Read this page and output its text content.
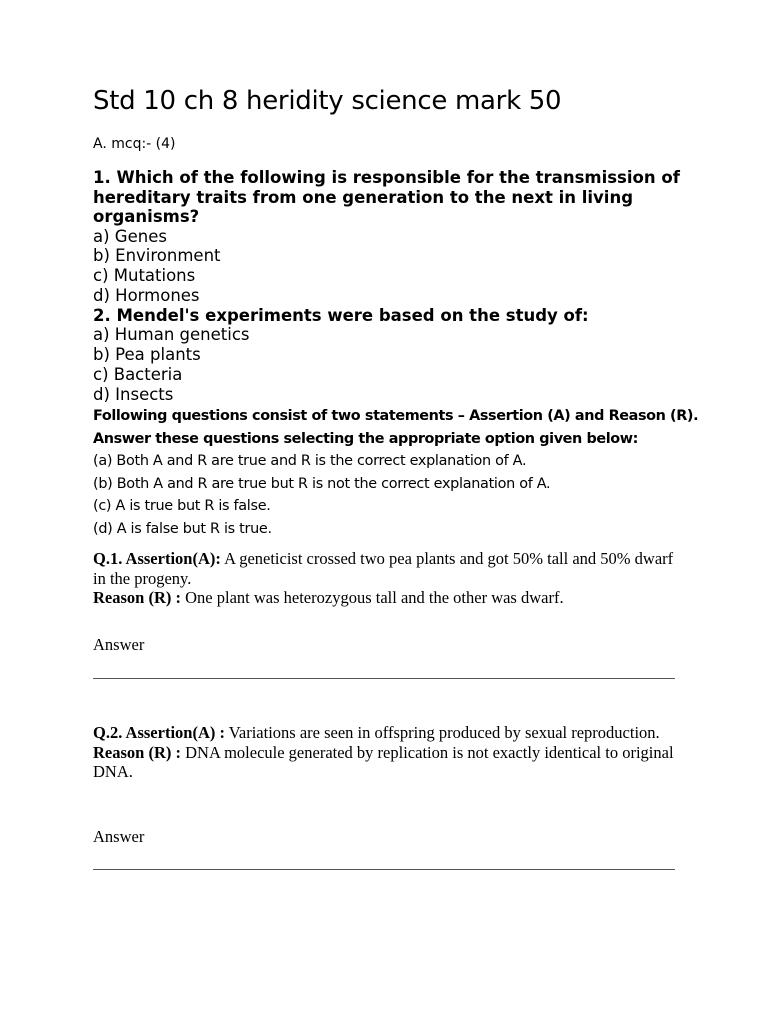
Std 10 ch 8 heridity science mark 50
A. mcq:- (4)
1. Which of the following is responsible for the transmission of hereditary traits from one generation to the next in living organisms?
a) Genes
b) Environment
c) Mutations
d) Hormones
2. Mendel's experiments were based on the study of:
a) Human genetics
b) Pea plants
c) Bacteria
d) Insects
Following questions consist of two statements – Assertion (A) and Reason (R). Answer these questions selecting the appropriate option given below:
(a) Both A and R are true and R is the correct explanation of A.
(b) Both A and R are true but R is not the correct explanation of A.
(c) A is true but R is false.
(d) A is false but R is true.
Q.1. Assertion(A): A geneticist crossed two pea plants and got 50% tall and 50% dwarf in the progeny.
Reason (R) : One plant was heterozygous tall and the other was dwarf.
Answer
Q.2. Assertion(A) : Variations are seen in offspring produced by sexual reproduction.
Reason (R) : DNA molecule generated by replication is not exactly identical to original DNA.
Answer
